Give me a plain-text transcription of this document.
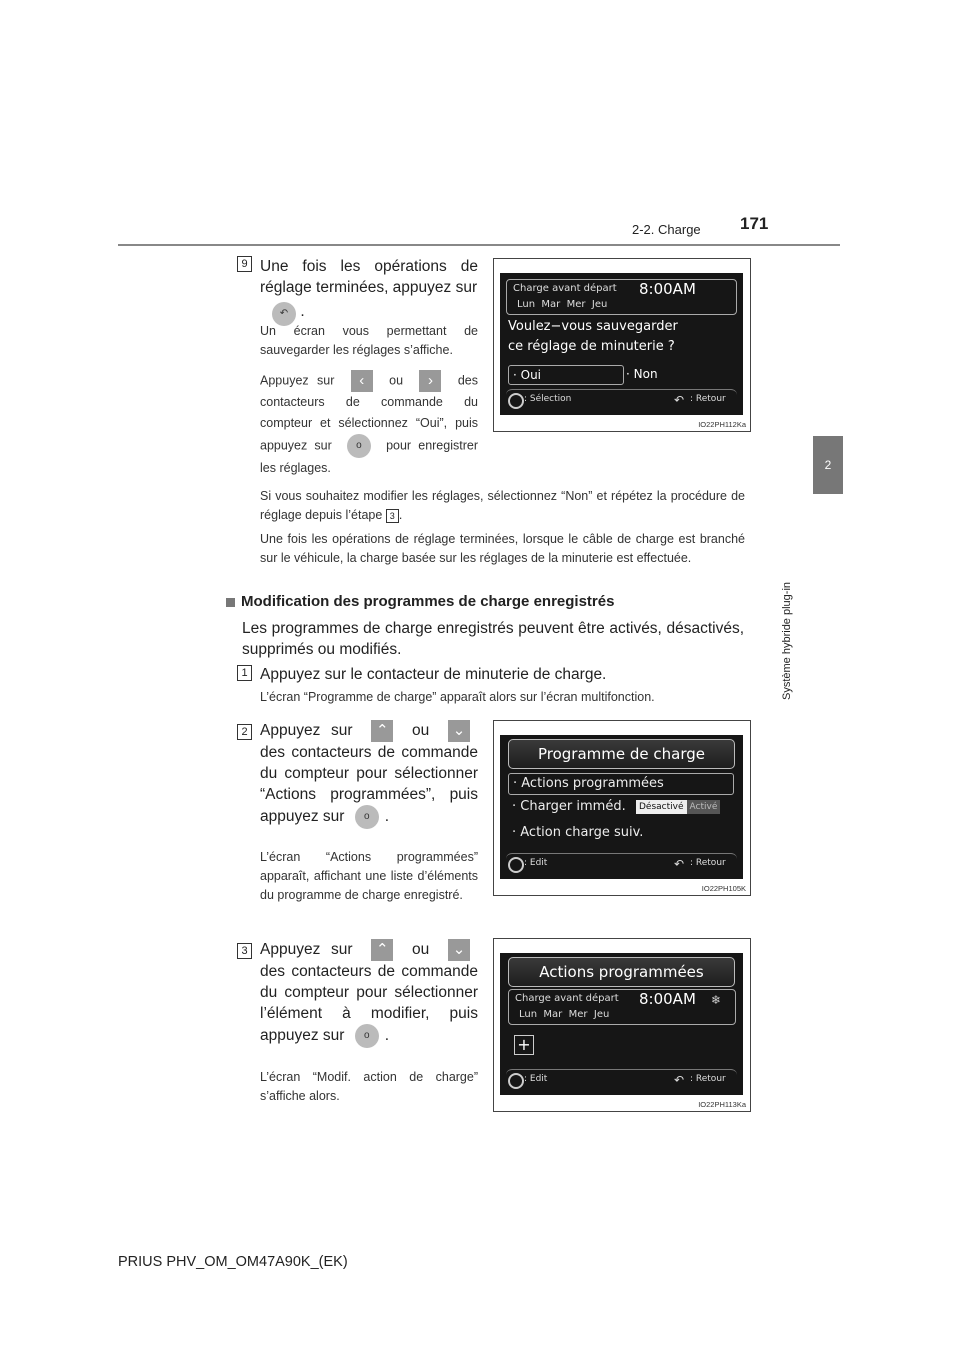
2-2. Charge 171
2
Système hybride plug-in
9 Une fois les opérations de réglage terminées, appuyez sur
↶ .
Un écran vous permettant de sauvegarder les réglages s’affiche.
Appuyez sur ‹ ou › des contacteurs de commande du compteur et sélectionnez “Oui”, puis appuyez sur o pour enregistrer les réglages.
Si vous souhaitez modifier les réglages, sélectionnez “Non” et répétez la procédure de réglage depuis l’étape 3 .
Une fois les opérations de réglage terminées, lorsque le câble de charge est branché sur le véhicule, la charge basée sur les réglages de la minuterie est effectuée.
Charge avant départ 8:00AM
Lun  Mar  Mer  Jeu
Voulez−vous sauvegarder
ce réglage de minuterie ?
· Oui	· Non
: Sélection	↶ : Retour
IO22PH112Ka
Modification des programmes de charge enregistrés
Les programmes de charge enregistrés peuvent être activés, désactivés, supprimés ou modifiés.
1 Appuyez sur le contacteur de minuterie de charge.
L’écran “Programme de charge” apparaît alors sur l’écran multifonction.
2 Appuyez sur ⌃ ou ⌄ des contacteurs de commande du compteur pour sélectionner “Actions programmées”, puis appuyez sur o .
L’écran “Actions programmées” apparaît, affichant une liste d’éléments du programme de charge enregistré.
Programme de charge
· Actions programmées
· Charger imméd.	Désactivé Activé
· Action charge suiv.
: Edit	↶ : Retour
IO22PH105K
3 Appuyez sur ⌃ ou ⌄ des contacteurs de commande du compteur pour sélectionner l’élément à modifier, puis appuyez sur o .
L’écran “Modif. action de charge” s’affiche alors.
Actions programmées
Charge avant départ 8:00AM ❄
Lun  Mar  Mer  Jeu
+
: Edit	↶ : Retour
IO22PH113Ka
PRIUS PHV_OM_OM47A90K_(EK)
